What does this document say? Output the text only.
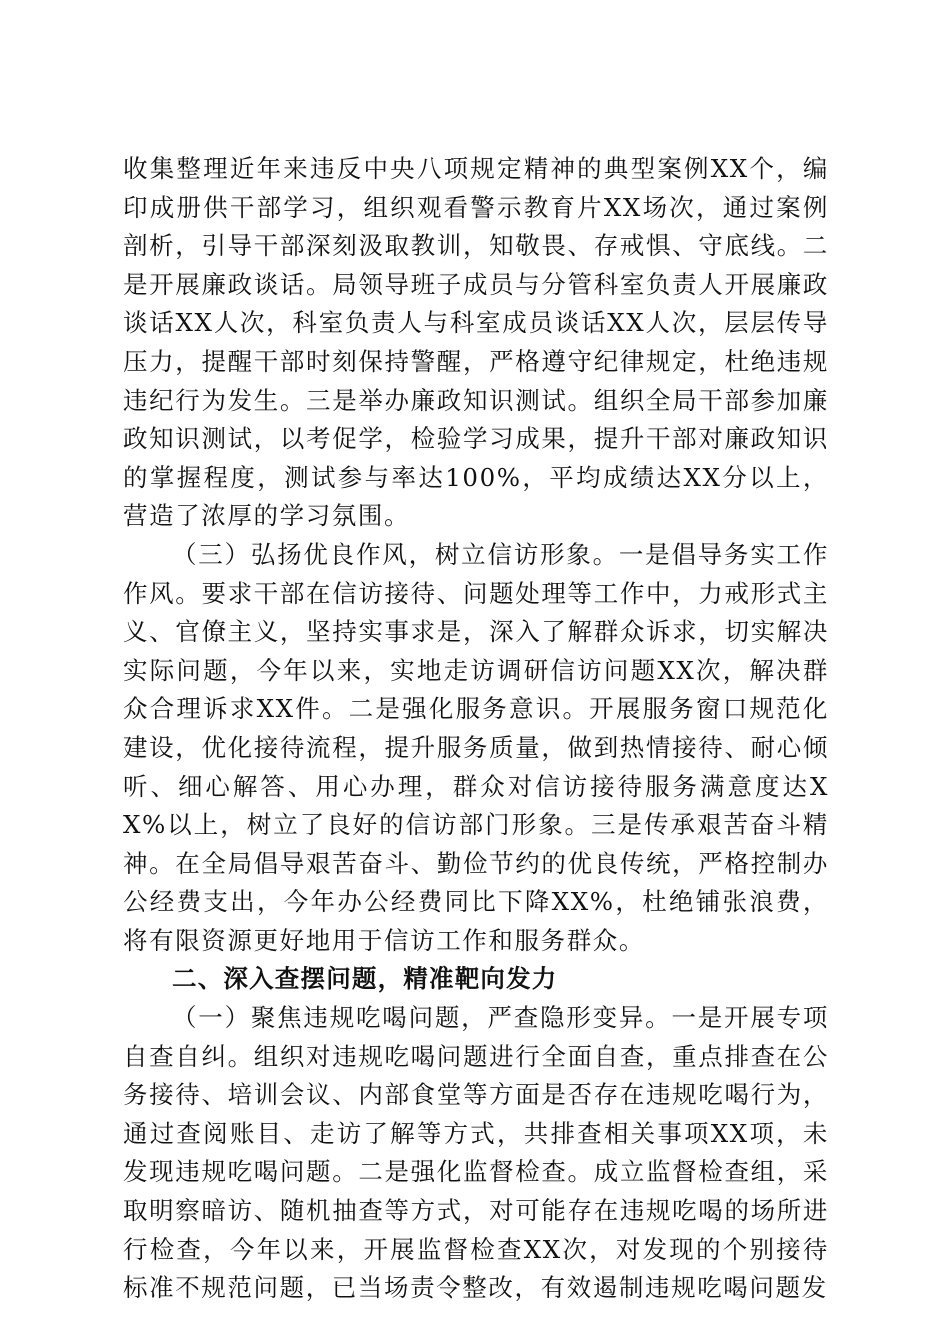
收集整理近年来违反中央八项规定精神的典型案例XX个，编印成册供干部学习，组织观看警示教育片XX场次，通过案例剖析，引导干部深刻汲取教训，知敬畏、存戒惧、守底线。二是开展廉政谈话。局领导班子成员与分管科室负责人开展廉政谈话XX人次，科室负责人与科室成员谈话XX人次，层层传导压力，提醒干部时刻保持警醒，严格遵守纪律规定，杜绝违规违纪行为发生。三是举办廉政知识测试。组织全局干部参加廉政知识测试，以考促学，检验学习成果，提升干部对廉政知识的掌握程度，测试参与率达100%，平均成绩达XX分以上，营造了浓厚的学习氛围。

（三）弘扬优良作风，树立信访形象。一是倡导务实工作作风。要求干部在信访接待、问题处理等工作中，力戒形式主义、官僚主义，坚持实事求是，深入了解群众诉求，切实解决实际问题，今年以来，实地走访调研信访问题XX次，解决群众合理诉求XX件。二是强化服务意识。开展服务窗口规范化建设，优化接待流程，提升服务质量，做到热情接待、耐心倾听、细心解答、用心办理，群众对信访接待服务满意度达XX%以上，树立了良好的信访部门形象。三是传承艰苦奋斗精神。在全局倡导艰苦奋斗、勤俭节约的优良传统，严格控制办公经费支出，今年办公经费同比下降XX%，杜绝铺张浪费，将有限资源更好地用于信访工作和服务群众。

二、深入查摆问题，精准靶向发力

（一）聚焦违规吃喝问题，严查隐形变异。一是开展专项自查自纠。组织对违规吃喝问题进行全面自查，重点排查在公务接待、培训会议、内部食堂等方面是否存在违规吃喝行为，通过查阅账目、走访了解等方式，共排查相关事项XX项，未发现违规吃喝问题。二是强化监督检查。成立监督检查组，采取明察暗访、随机抽查等方式，对可能存在违规吃喝的场所进行检查，今年以来，开展监督检查XX次，对发现的个别接待标准不规范问题，已当场责令整改，有效遏制违规吃喝问题发
